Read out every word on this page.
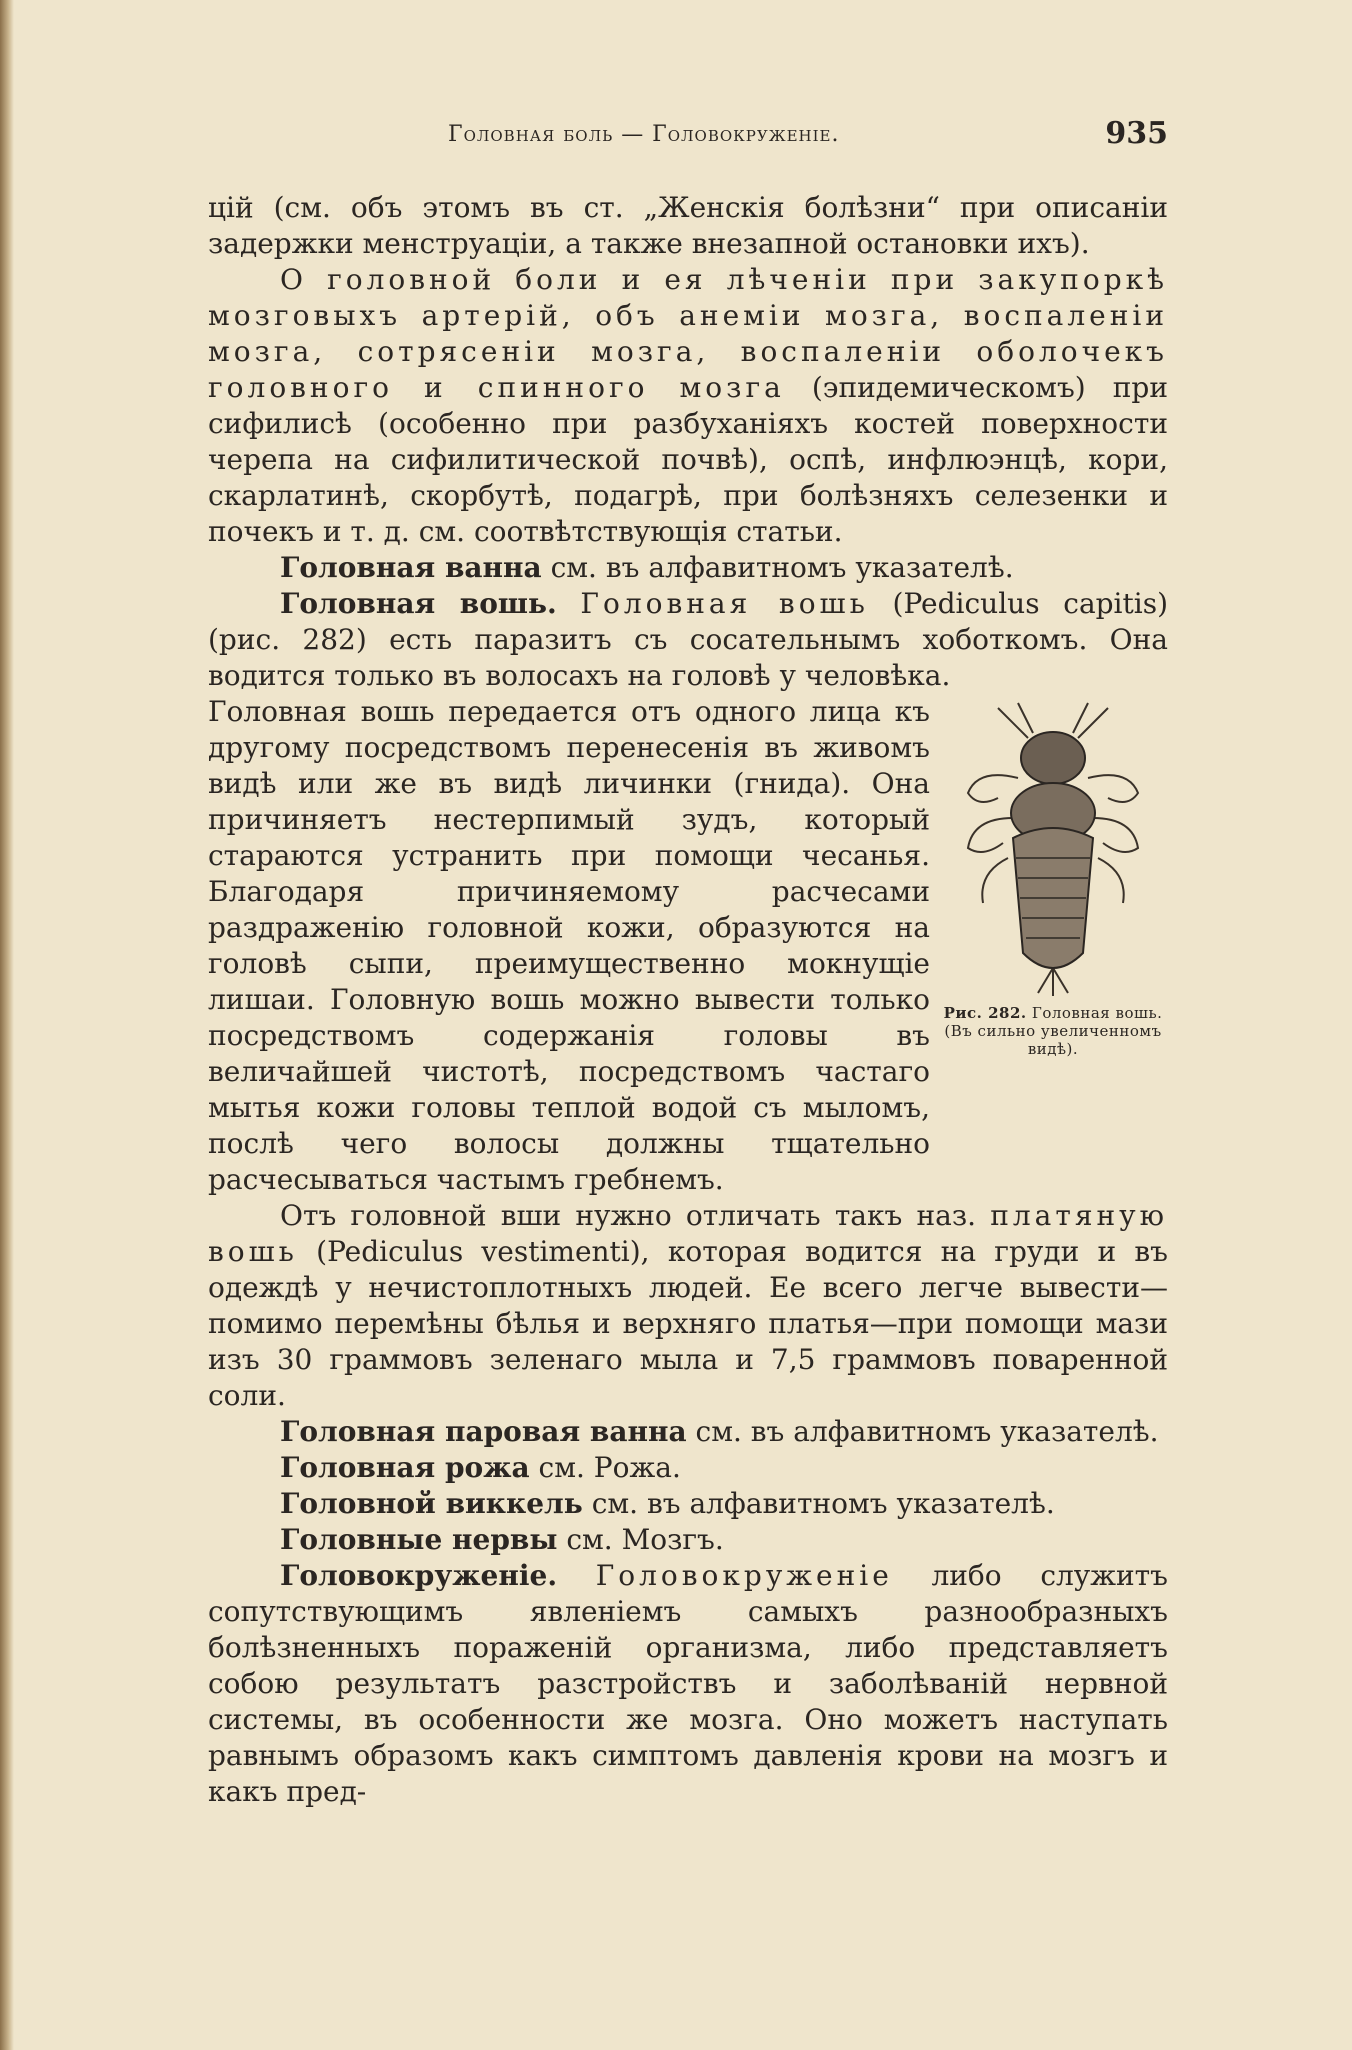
Головная боль — Головокруженіе.	935

цій (см. объ этомъ въ ст. „Женскія болѣзни“ при описаніи задержки менструаціи, а также внезапной остановки ихъ).

О головной боли и ея лѣченіи при закупоркѣ мозговыхъ артерій, объ анеміи мозга, воспаленіи мозга, сотрясеніи мозга, воспаленіи оболочекъ головного и спинного мозга (эпидемическомъ) при сифилисѣ (особенно при разбуханіяхъ костей поверхности черепа на сифилитической почвѣ), оспѣ, инфлюэнцѣ, кори, скарлатинѣ, скорбутѣ, подагрѣ, при болѣзняхъ селезенки и почекъ и т. д. см. соотвѣтствующія статьи.

Головная ванна см. въ алфавитномъ указателѣ.

Головная вошь. Головная вошь (Pediculus capitis) (рис. 282) есть паразитъ съ сосательнымъ хоботкомъ. Она водится только въ волосахъ на головѣ у человѣка.

Головная вошь передается отъ одного лица къ другому посредствомъ перенесенія въ живомъ видѣ или же въ видѣ личинки (гнида). Она причиняетъ нестерпимый зудъ, который стараются устранить при помощи чесанья. Благодаря причиняемому расчесами раздраженію головной кожи, образуются на головѣ сыпи, преимущественно мокнущіе лишаи. Головную вошь можно вывести только посредствомъ содержанія головы въ величайшей чистотѣ, посредствомъ частаго мытья кожи головы теплой водой съ мыломъ, послѣ чего волосы должны тщательно расчесываться частымъ гребнемъ.

Рис. 282. Головная вошь. (Въ сильно увеличенномъ видѣ).

Отъ головной вши нужно отличать такъ наз. платяную вошь (Pediculus vestimenti), которая водится на груди и въ одеждѣ у нечистоплотныхъ людей. Ее всего легче вывести—помимо перемѣны бѣлья и верхняго платья—при помощи мази изъ 30 граммовъ зеленаго мыла и 7,5 граммовъ поваренной соли.

Головная паровая ванна см. въ алфавитномъ указателѣ.

Головная рожа см. Рожа.

Головной виккель см. въ алфавитномъ указателѣ.

Головные нервы см. Мозгъ.

Головокруженіе. Головокруженіе либо служитъ сопутствующимъ явленіемъ самыхъ разнообразныхъ болѣзненныхъ пораженій организма, либо представляетъ собою результатъ разстройствъ и заболѣваній нервной системы, въ особенности же мозга. Оно можетъ наступать равнымъ образомъ какъ симптомъ давленія крови на мозгъ и какъ пред-
